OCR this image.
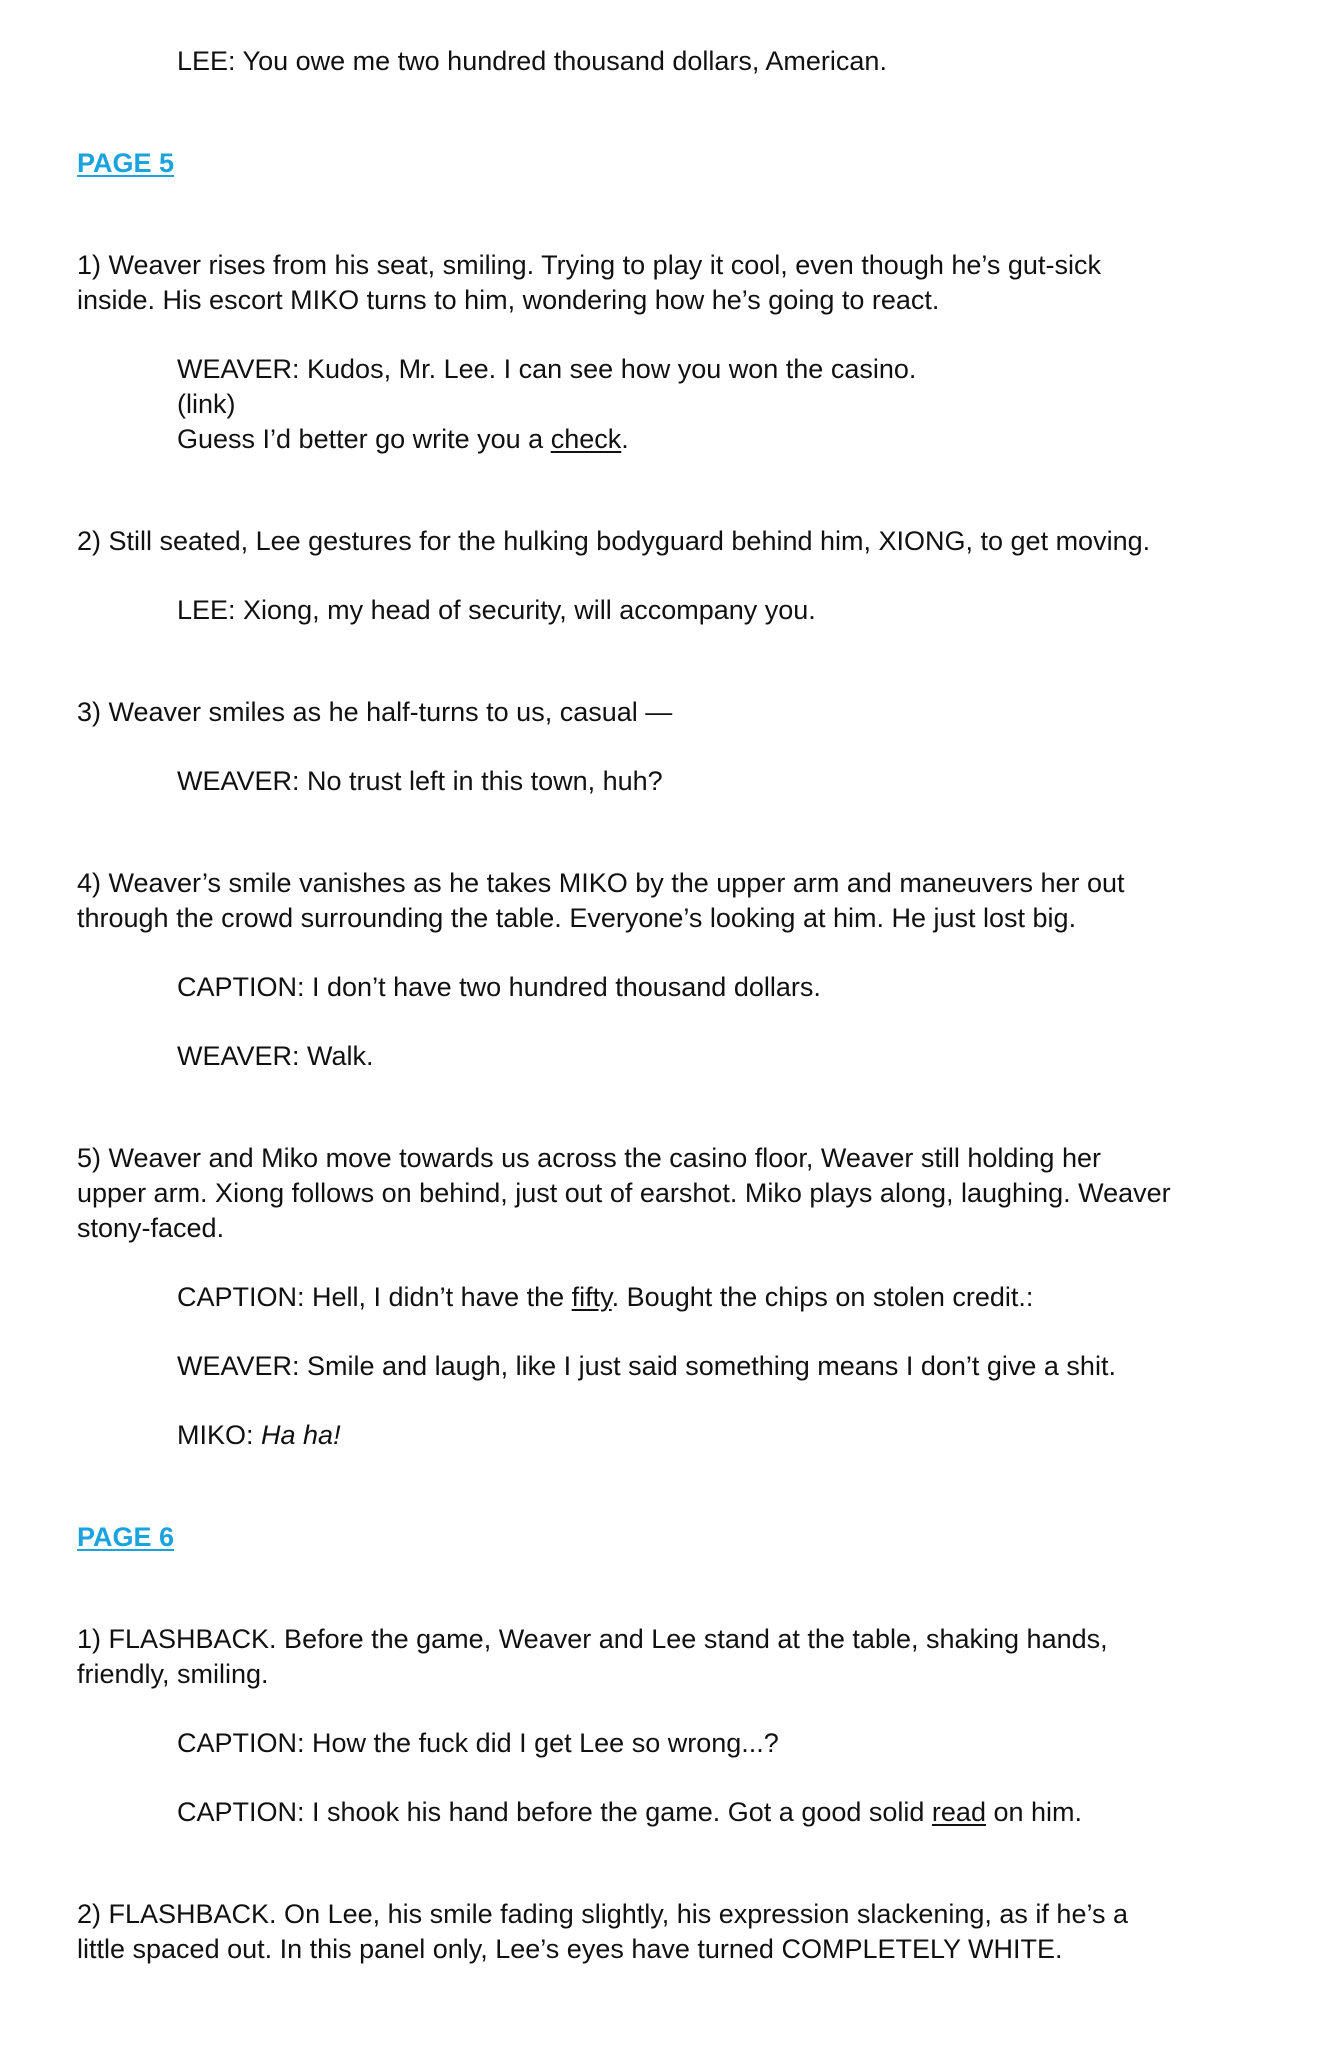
LEE: You owe me two hundred thousand dollars, American.

PAGE 5

1) Weaver rises from his seat, smiling. Trying to play it cool, even though he’s gut-sick

inside. His escort MIKO turns to him, wondering how he’s going to react.

WEAVER: Kudos, Mr. Lee. I can see how you won the casino.

(link)

Guess I’d better go write you a check.

2) Still seated, Lee gestures for the hulking bodyguard behind him, XIONG, to get moving.

LEE: Xiong, my head of security, will accompany you.

3) Weaver smiles as he half-turns to us, casual —

WEAVER: No trust left in this town, huh?

4) Weaver’s smile vanishes as he takes MIKO by the upper arm and maneuvers her out

through the crowd surrounding the table. Everyone’s looking at him. He just lost big.

CAPTION: I don’t have two hundred thousand dollars.

WEAVER: Walk.

5) Weaver and Miko move towards us across the casino floor, Weaver still holding her

upper arm. Xiong follows on behind, just out of earshot. Miko plays along, laughing. Weaver

stony-faced.

CAPTION: Hell, I didn’t have the fifty. Bought the chips on stolen credit.:

WEAVER: Smile and laugh, like I just said something means I don’t give a shit.

MIKO: Ha ha!

PAGE 6

1) FLASHBACK. Before the game, Weaver and Lee stand at the table, shaking hands,

friendly, smiling.

CAPTION: How the fuck did I get Lee so wrong...?

CAPTION: I shook his hand before the game. Got a good solid read on him.

2) FLASHBACK. On Lee, his smile fading slightly, his expression slackening, as if he’s a

little spaced out. In this panel only, Lee’s eyes have turned COMPLETELY WHITE.
